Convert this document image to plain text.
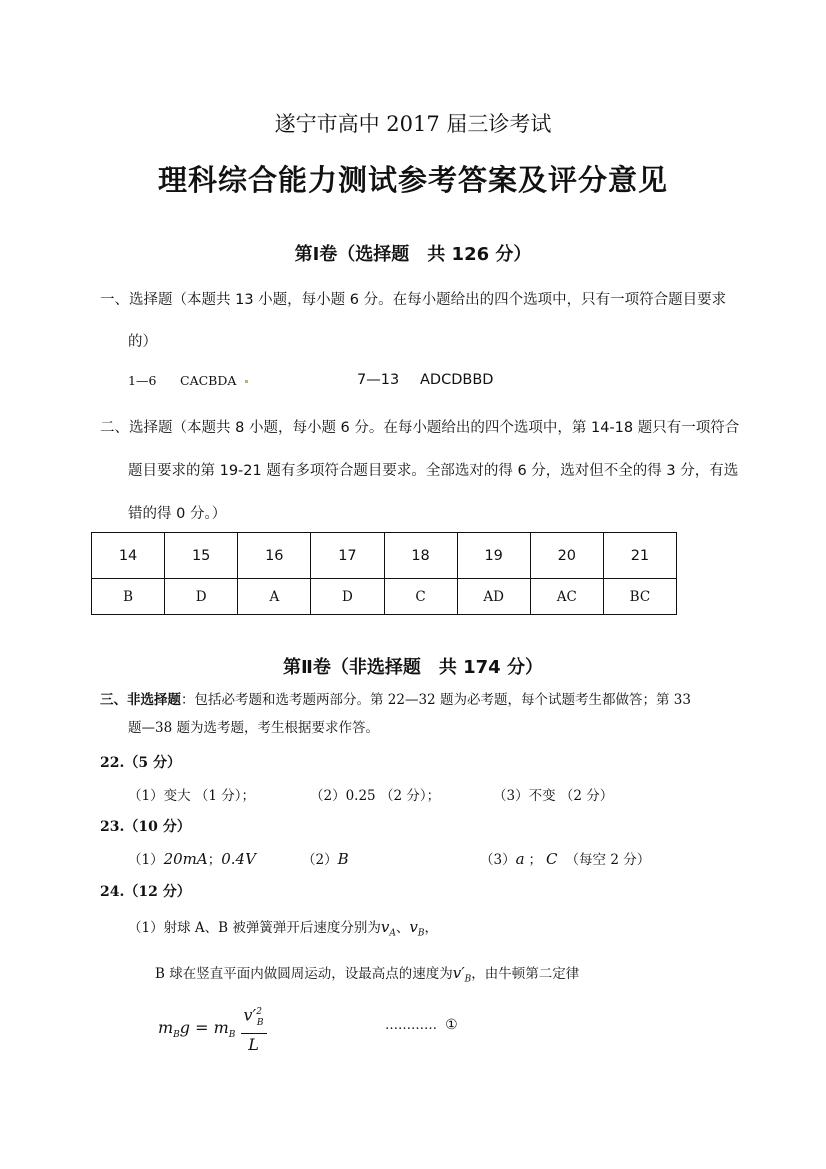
遂宁市高中 2017 届三诊考试
理科综合能力测试参考答案及评分意见
第Ⅰ卷（选择题　共 126 分）
一、选择题（本题共 13 小题，每小题 6 分。在每小题给出的四个选项中，只有一项符合题目要求
的）
1—6 CACBDA	7—13 ADCDBBD
二、选择题（本题共 8 小题，每小题 6 分。在每小题给出的四个选项中，第 14-18 题只有一项符合
题目要求的第 19-21 题有多项符合题目要求。全部选对的得 6 分，选对但不全的得 3 分，有选
错的得 0 分。）
14	15	16	17	18	19	20	21
B	D	A	D	C	AD	AC	BC
第Ⅱ卷（非选择题　共 174 分）
三、非选择题：包括必考题和选考题两部分。第 22—32 题为必考题，每个试题考生都做答；第 33
题—38 题为选考题，考生根据要求作答。
22.（5 分）
（1）变大 （1 分）；	（2）0.25 （2 分）；	（3）不变 （2 分）
23.（10 分）
（1）20mA；0.4V	（2）B	（3）a ； C （每空 2 分）
24.（12 分）
（1）射球 A、B 被弹簧弹开后速度分别为$v_A$、$v_B$，
B 球在竖直平面内做圆周运动，设最高点的速度为$v'_B$，由牛顿第二定律
$m_Bg = m_B \frac{v'^2_B}{L}$	………… ①
